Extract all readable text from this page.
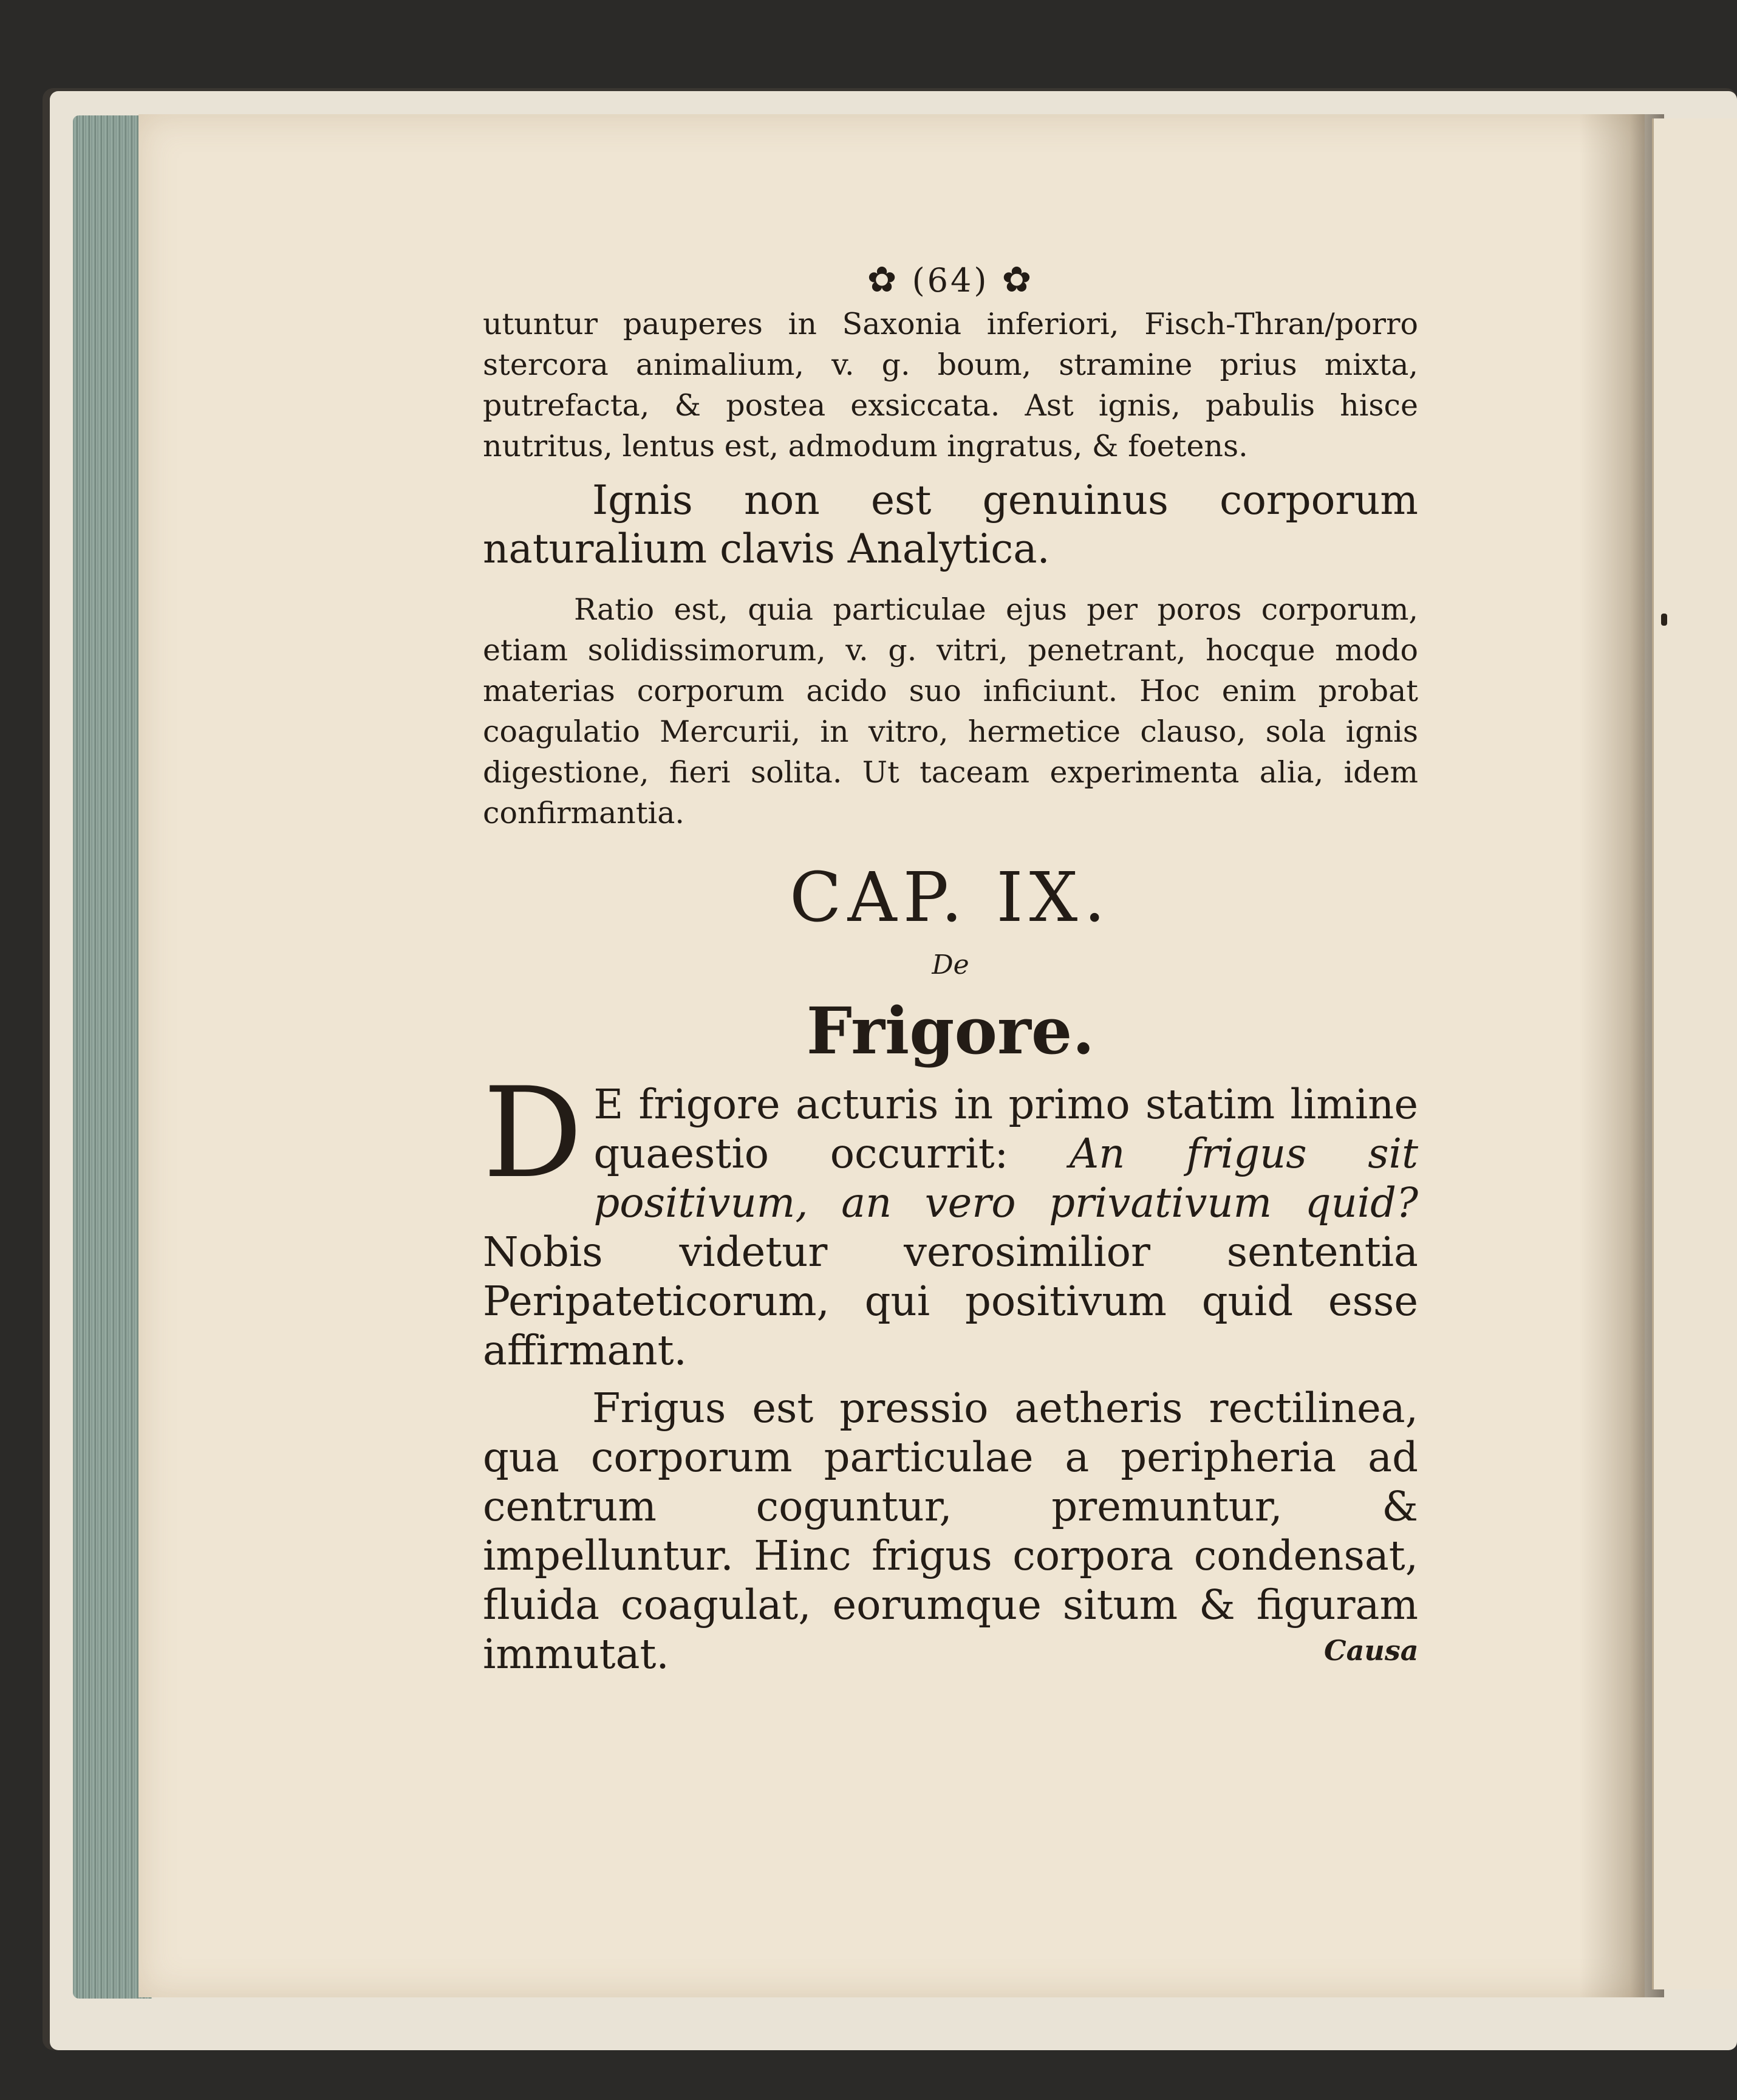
✿ (64) ✿

utuntur pauperes in Saxonia inferiori, Fisch-Thran/porro stercora animalium, v. g. boum, stramine prius mixta, putrefacta, & postea exsiccata. Ast ignis, pabulis hisce nutritus, lentus est, admodum ingratus, & foetens.

Ignis non est genuinus corporum naturalium clavis Analytica.

Ratio est, quia particulae ejus per poros corporum, etiam solidissimorum, v. g. vitri, penetrant, hocque modo materias corporum acido suo inficiunt. Hoc enim probat coagulatio Mercurii, in vitro, hermetice clauso, sola ignis digestione, fieri solita. Ut taceam experimenta alia, idem confirmantia.

CAP. IX.
De
Frigore.

D E frigore acturis in primo statim limine quaestio occurrit: An frigus sit positivum, an vero privativum quid? Nobis videtur verosimilior sententia Peripateticorum, qui positivum quid esse affirmant.

Frigus est pressio aetheris rectilinea, qua corporum particulae a peripheria ad centrum coguntur, premuntur, & impelluntur. Hinc frigus corpora condensat, fluida coagulat, eorumque situm & figuram immutat.	Causa
